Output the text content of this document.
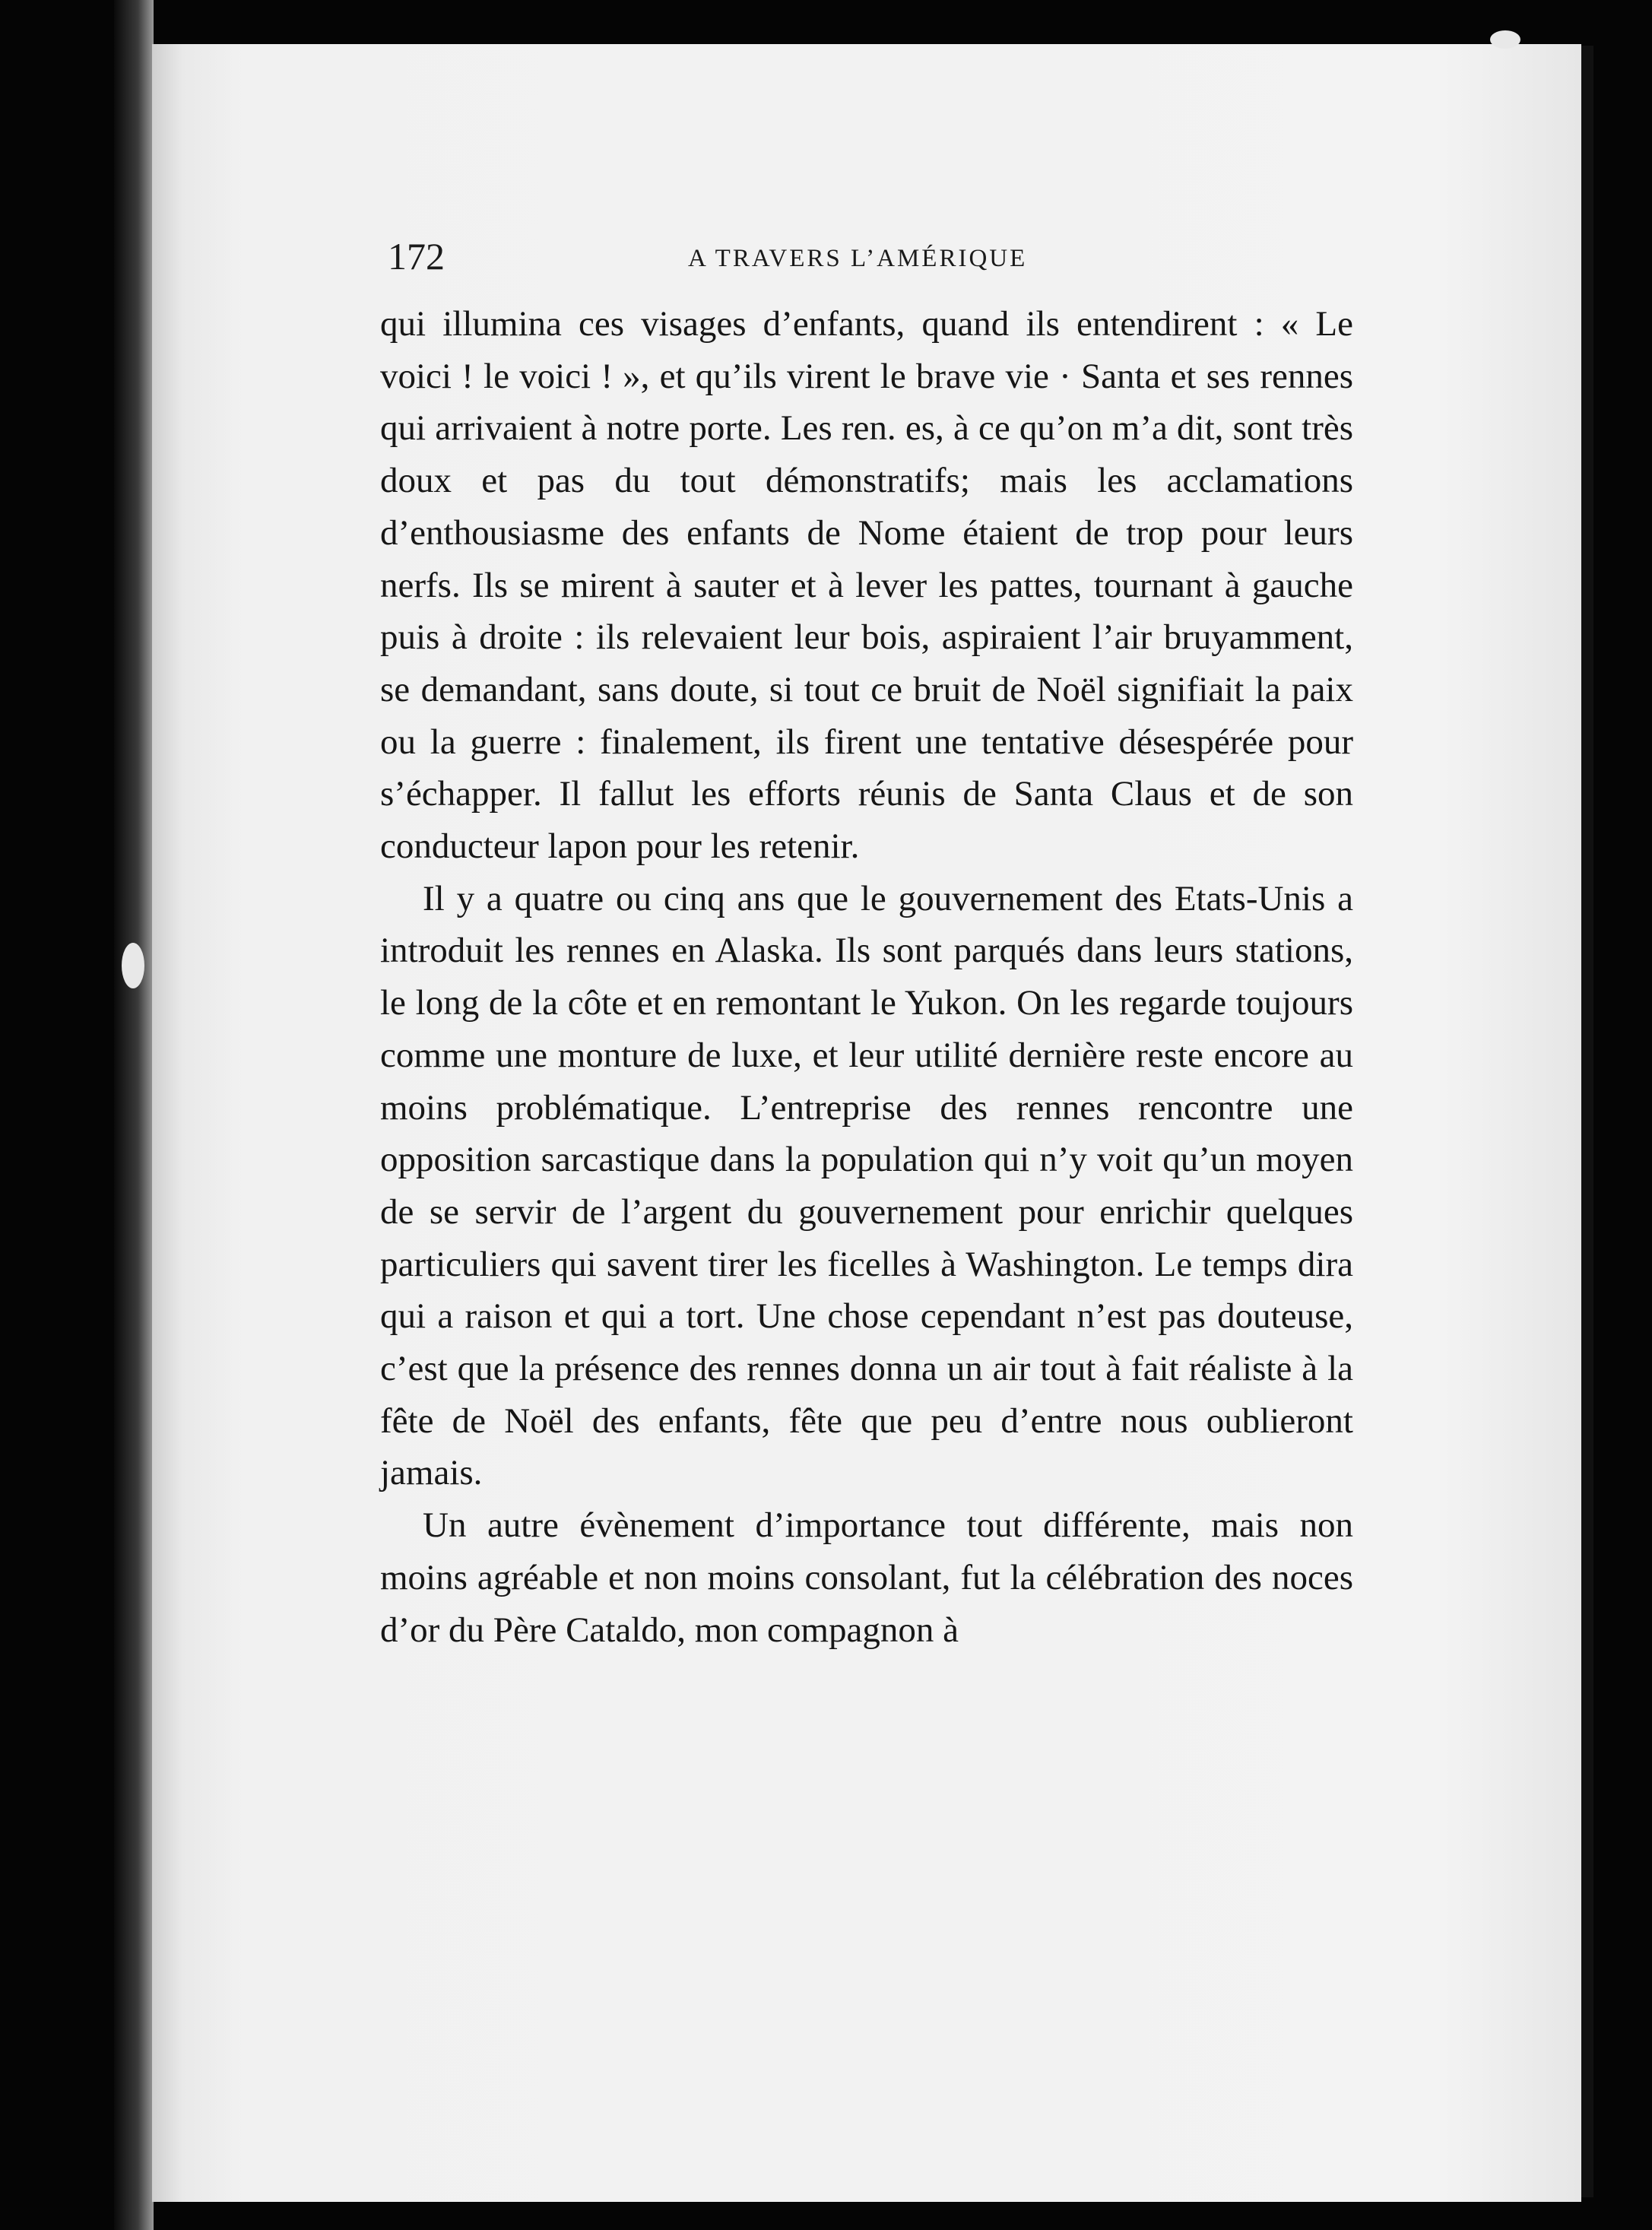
172	A TRAVERS L’AMÉRIQUE

qui illumina ces visages d’enfants, quand ils entendirent : « Le voici ! le voici ! », et qu’ils virent le brave vie · Santa et ses rennes qui arrivaient à notre porte. Les ren. es, à ce qu’on m’a dit, sont très doux et pas du tout démonstratifs; mais les acclamations d’enthousiasme des enfants de Nome étaient de trop pour leurs nerfs. Ils se mirent à sauter et à lever les pattes, tournant à gauche puis à droite : ils relevaient leur bois, aspiraient l’air bruyamment, se demandant, sans doute, si tout ce bruit de Noël signifiait la paix ou la guerre : finalement, ils firent une tentative désespérée pour s’échapper. Il fallut les efforts réunis de Santa Claus et de son conducteur lapon pour les retenir.

Il y a quatre ou cinq ans que le gouvernement des Etats-Unis a introduit les rennes en Alaska. Ils sont parqués dans leurs stations, le long de la côte et en remontant le Yukon. On les regarde toujours comme une monture de luxe, et leur utilité dernière reste encore au moins problématique. L’entreprise des rennes rencontre une opposition sarcastique dans la population qui n’y voit qu’un moyen de se servir de l’argent du gouvernement pour enrichir quelques particuliers qui savent tirer les ficelles à Washington. Le temps dira qui a raison et qui a tort. Une chose cependant n’est pas douteuse, c’est que la présence des rennes donna un air tout à fait réaliste à la fête de Noël des enfants, fête que peu d’entre nous oublieront jamais.

Un autre évènement d’importance tout différente, mais non moins agréable et non moins consolant, fut la célébration des noces d’or du Père Cataldo, mon compagnon à
